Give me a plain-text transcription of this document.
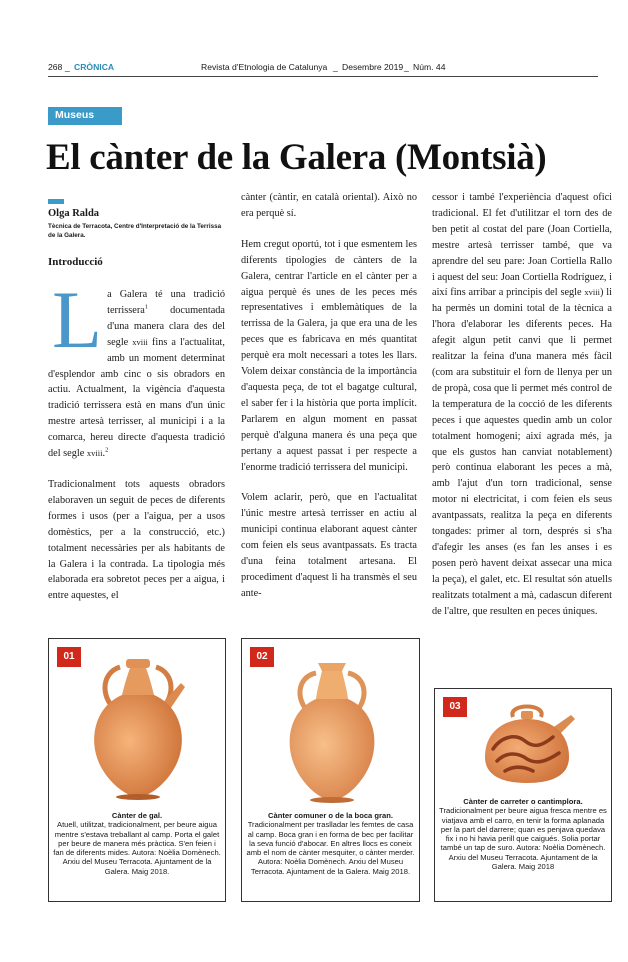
268 _ CRÒNICA	Revista d'Etnologia de Catalunya _ Desembre 2019 _ Núm. 44
Museus
El cànter de la Galera (Montsià)
Olga Ralda
Tècnica de Terracota, Centre d'Interpretació de la Terrissa de la Galera.
Introducció

La Galera té una tradició terrissera$^1$ documentada d'una manera clara des del segle xviii fins a l'actualitat, amb un moment determinat d'esplendor amb cinc o sis obradors en actiu. Actualment, la vigència d'aquesta tradició terrissera està en mans d'un únic mestre artesà terrisser, al municipi i a la comarca, hereu directe d'aquesta tradició del segle xviii.$^2$

Tradicionalment tots aquests obradors elaboraven un seguit de peces de diferents formes i usos (per a l'aigua, per a usos domèstics, per a la construcció, etc.) totalment necessàries per als habitants de la Galera i la contrada. La tipologia més elaborada era sobretot peces per a aigua, i entre aquestes, el

cànter (càntir, en català oriental). Això no era perquè sí.

Hem cregut oportú, tot i que esmentem les diferents tipologies de cànters de la Galera, centrar l'article en el cànter per a aigua perquè és unes de les peces més representatives i emblemàtiques de la terrissa de la Galera, ja que era una de les peces que es fabricava en més quantitat perquè era molt necessari a totes les llars. Volem deixar constància de la importància d'aquesta peça, de tot el bagatge cultural, el saber fer i la història que porta implícit. Parlarem en algun moment en passat perquè d'alguna manera és una peça que pertany a aquest passat i per respecte a l'enorme tradició terrissera del municipi.

Volem aclarir, però, que en l'actualitat l'únic mestre artesà terrisser en actiu al municipi continua elaborant aquest cànter com feien els seus avantpassats. Es tracta d'una feina totalment artesana. El procediment d'aquest li ha transmès el seu ante-

cessor i també l'experiència d'aquest ofici tradicional. El fet d'utilitzar el torn des de ben petit al costat del pare (Joan Cortiella, mestre artesà terrisser també, que va aprendre del seu pare: Joan Cortiella Rallo i aquest del seu: Joan Cortiella Rodríguez, i així fins arribar a principis del segle xviii) li ha permès un domini total de la tècnica a l'hora d'elaborar les diferents peces. Ha afegit algun petit canvi que li permet realitzar la feina d'una manera més fàcil (com ara substituir el forn de llenya per un de propà, cosa que li permet més control de la temperatura de la cocció de les diferents peces i que aquestes quedin amb un color totalment homogeni; així agrada més, ja que els gustos han canviat notablement) però continua elaborant les peces a mà, amb l'ajut d'un torn tradicional, sense motor ni electricitat, i com feien els seus avantpassats, realitza la peça en diferents tongades: primer al torn, després si s'ha d'afegir les anses (es fan les anses i es posen però havent deixat assecar una mica la peça), el galet, etc. El resultat són atuells realitzats totalment a mà, cadascun diferent de l'altre, que resulten en peces úniques.

01
Cànter de gal.
Atuell, utilitzat, tradicionalment, per beure aigua mentre s'estava treballant al camp. Porta el galet per beure de manera més pràctica. S'en feien i fan de diferents mides. Autora: Noèlia Domènech. Arxiu del Museu Terracota. Ajuntament de la Galera. Maig 2018.
02
Cànter comuner o de la boca gran.
Tradicionalment per traslladar les femtes de casa al camp. Boca gran i en forma de bec per facilitar la seva funció d'abocar. En altres llocs es coneix amb el nom de cànter mesquiter, o cànter merder. Autora: Noèlia Domènech. Arxiu del Museu Terracota. Ajuntament de la Galera. Maig 2018.
03
Cànter de carreter o cantimplora.
Tradicionalment per beure aigua fresca mentre es viatjava amb el carro, en tenir la forma aplanada per la part del darrere; quan es penjava quedava fix i no hi havia perill que caigués. Solia portar també un tap de suro. Autora: Noèlia Domènech. Arxiu del Museu Terracota. Ajuntament de la Galera. Maig 2018
